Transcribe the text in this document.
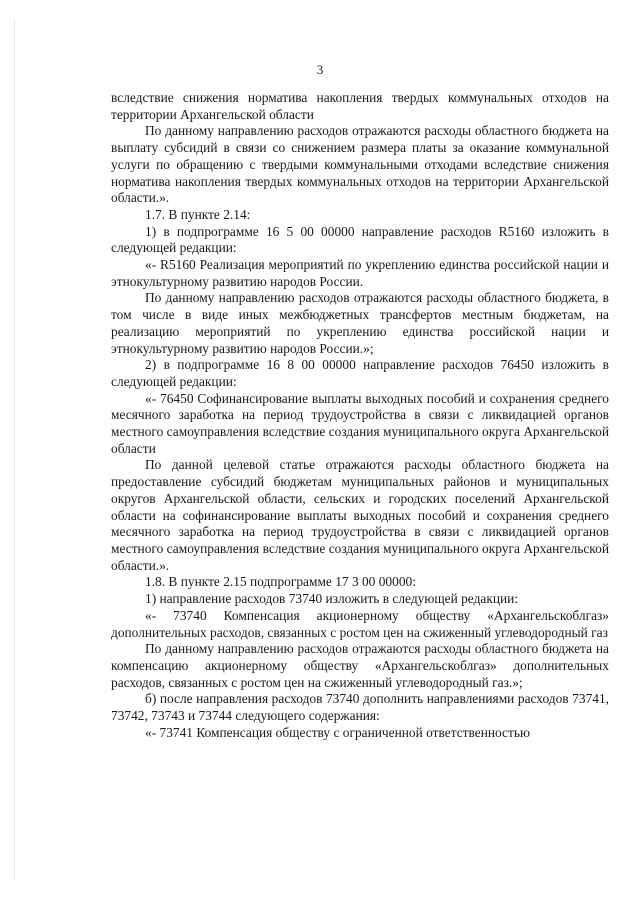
3

вследствие снижения норматива накопления твердых коммунальных отходов на территории Архангельской области

По данному направлению расходов отражаются расходы областного бюджета на выплату субсидий в связи со снижением размера платы за оказание коммунальной услуги по обращению с твердыми коммунальными отходами вследствие снижения норматива накопления твердых коммунальных отходов на территории Архангельской области.».

1.7. В пункте 2.14:

1) в подпрограмме 16 5 00 00000 направление расходов R5160 изложить в следующей редакции:

«- R5160 Реализация мероприятий по укреплению единства российской нации и этнокультурному развитию народов России.

По данному направлению расходов отражаются расходы областного бюджета, в том числе в виде иных межбюджетных трансфертов местным бюджетам, на реализацию мероприятий по укреплению единства российской нации и этнокультурному развитию народов России.»;

2) в подпрограмме 16 8 00 00000 направление расходов 76450 изложить в следующей редакции:

«- 76450 Софинансирование выплаты выходных пособий и сохранения среднего месячного заработка на период трудоустройства в связи с ликвидацией органов местного самоуправления вследствие создания муниципального округа Архангельской области

По данной целевой статье отражаются расходы областного бюджета на предоставление субсидий бюджетам муниципальных районов и муниципальных округов Архангельской области, сельских и городских поселений Архангельской области на софинансирование выплаты выходных пособий и сохранения среднего месячного заработка на период трудоустройства в связи с ликвидацией органов местного самоуправления вследствие создания муниципального округа Архангельской области.».

1.8. В пункте 2.15 подпрограмме 17 3 00 00000:

1) направление расходов 73740 изложить в следующей редакции:

«- 73740 Компенсация акционерному обществу «Архангельскоблгаз» дополнительных расходов, связанных с ростом цен на сжиженный углеводородный газ

По данному направлению расходов отражаются расходы областного бюджета на компенсацию акционерному обществу «Архангельскоблгаз» дополнительных расходов, связанных с ростом цен на сжиженный углеводородный газ.»;

б) после направления расходов 73740 дополнить направлениями расходов 73741, 73742, 73743 и 73744 следующего содержания:

«- 73741 Компенсация обществу с ограниченной ответственностью
